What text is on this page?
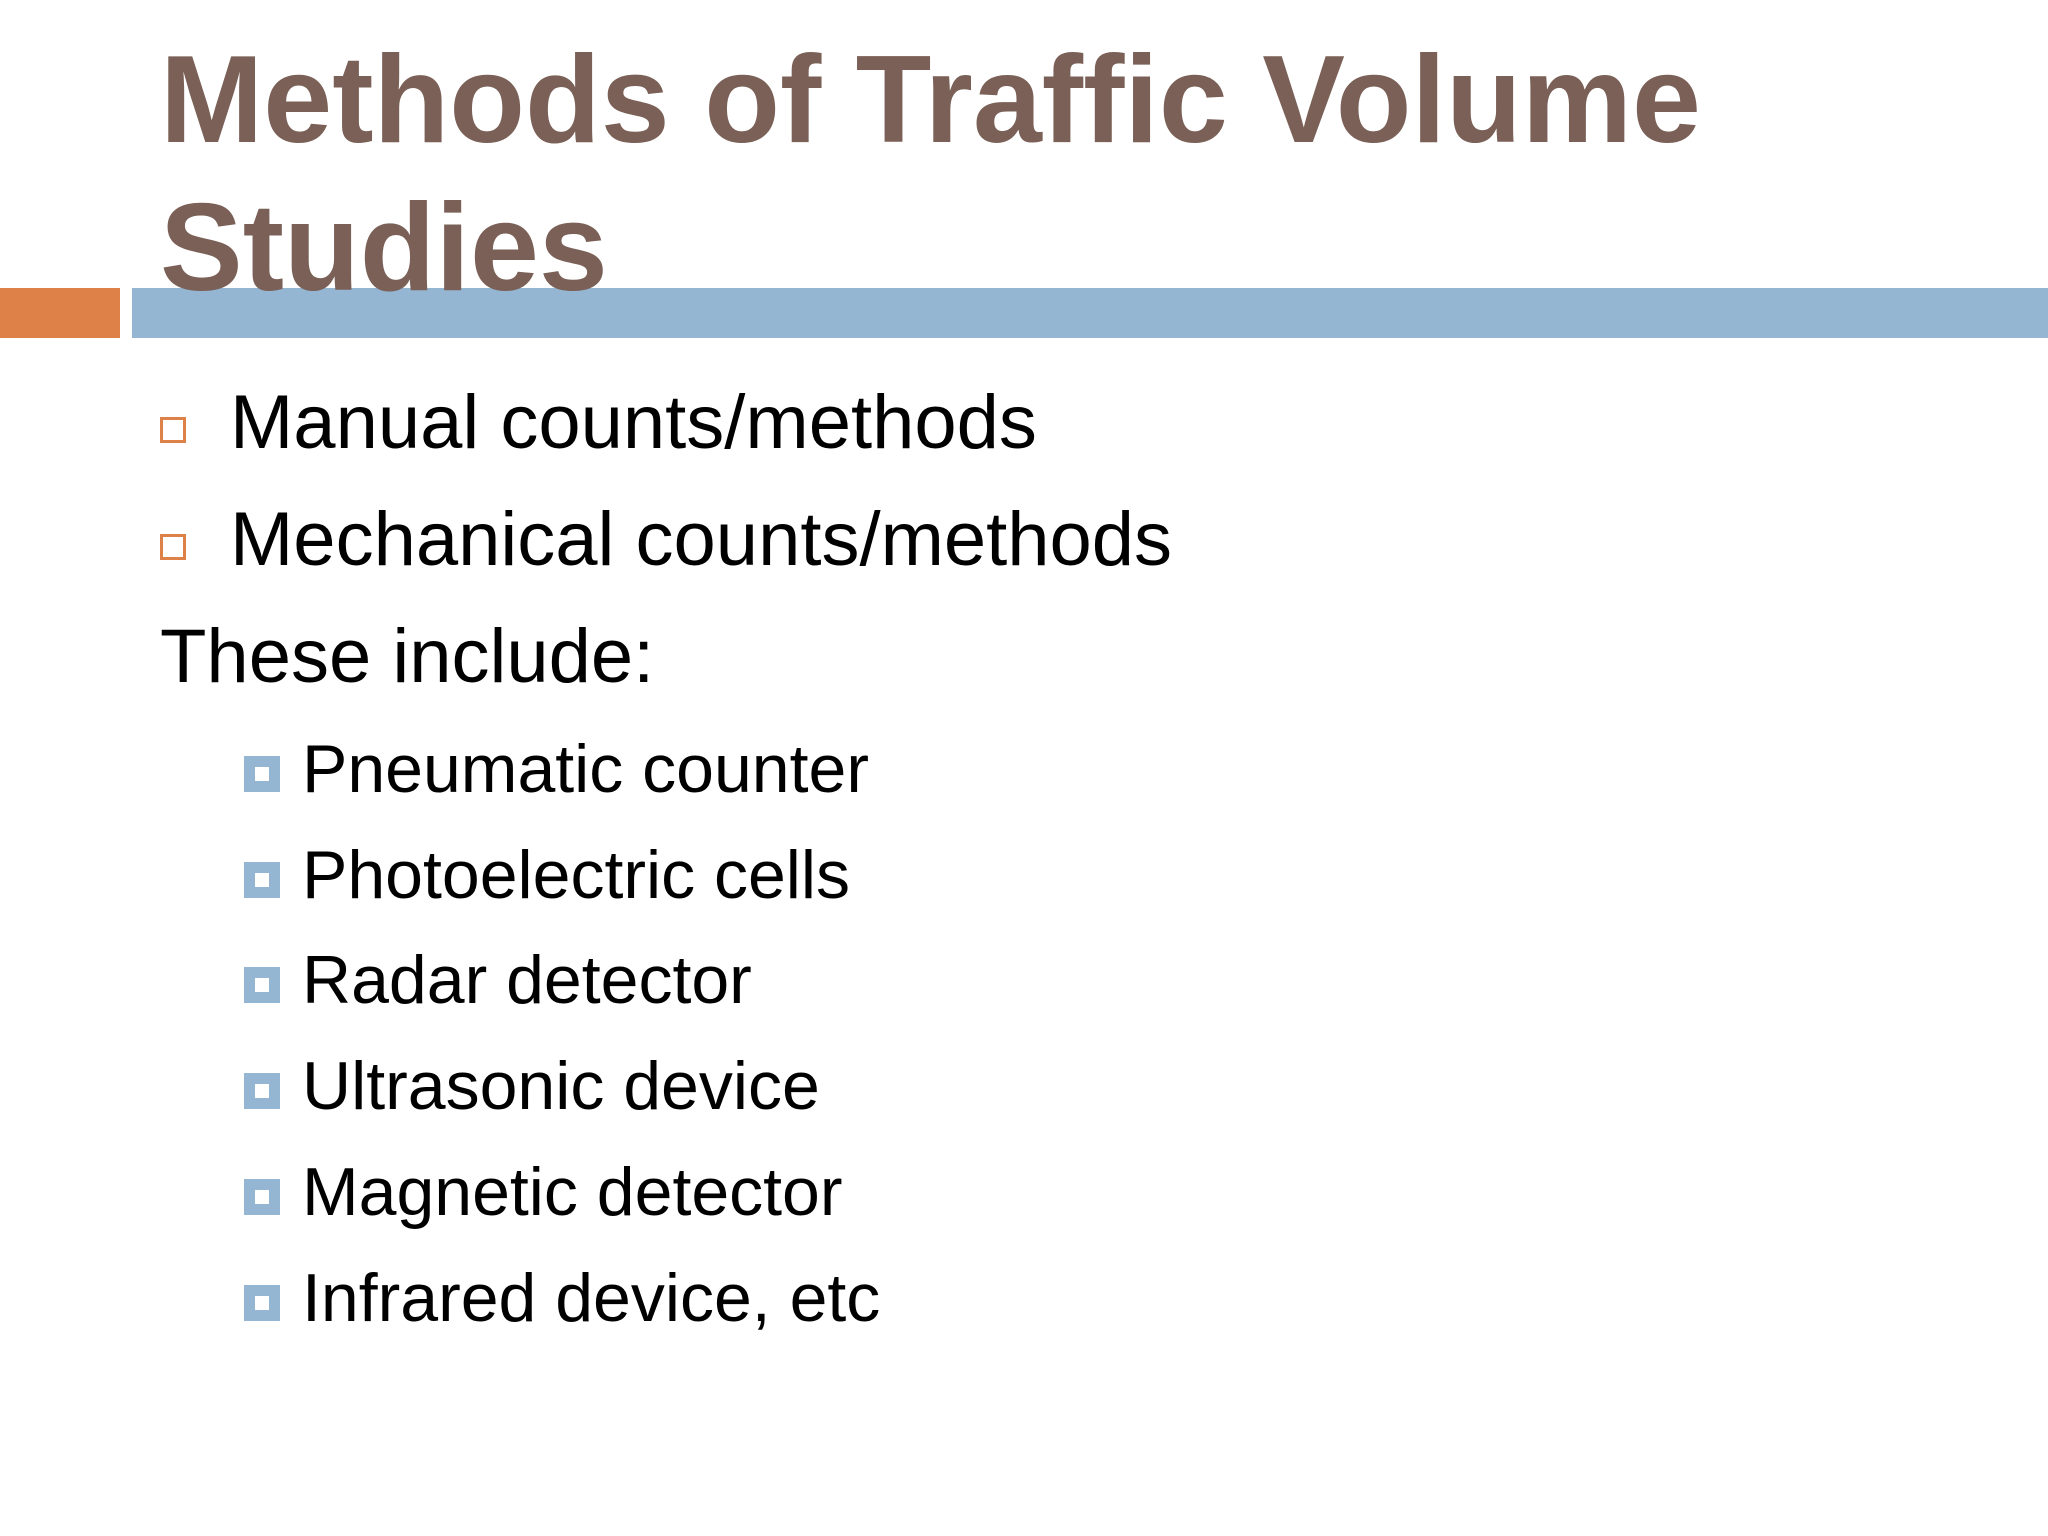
Methods of Traffic Volume Studies
Manual counts/methods
Mechanical counts/methods
These include:
Pneumatic counter
Photoelectric cells
Radar detector
Ultrasonic device
Magnetic detector
Infrared device, etc
